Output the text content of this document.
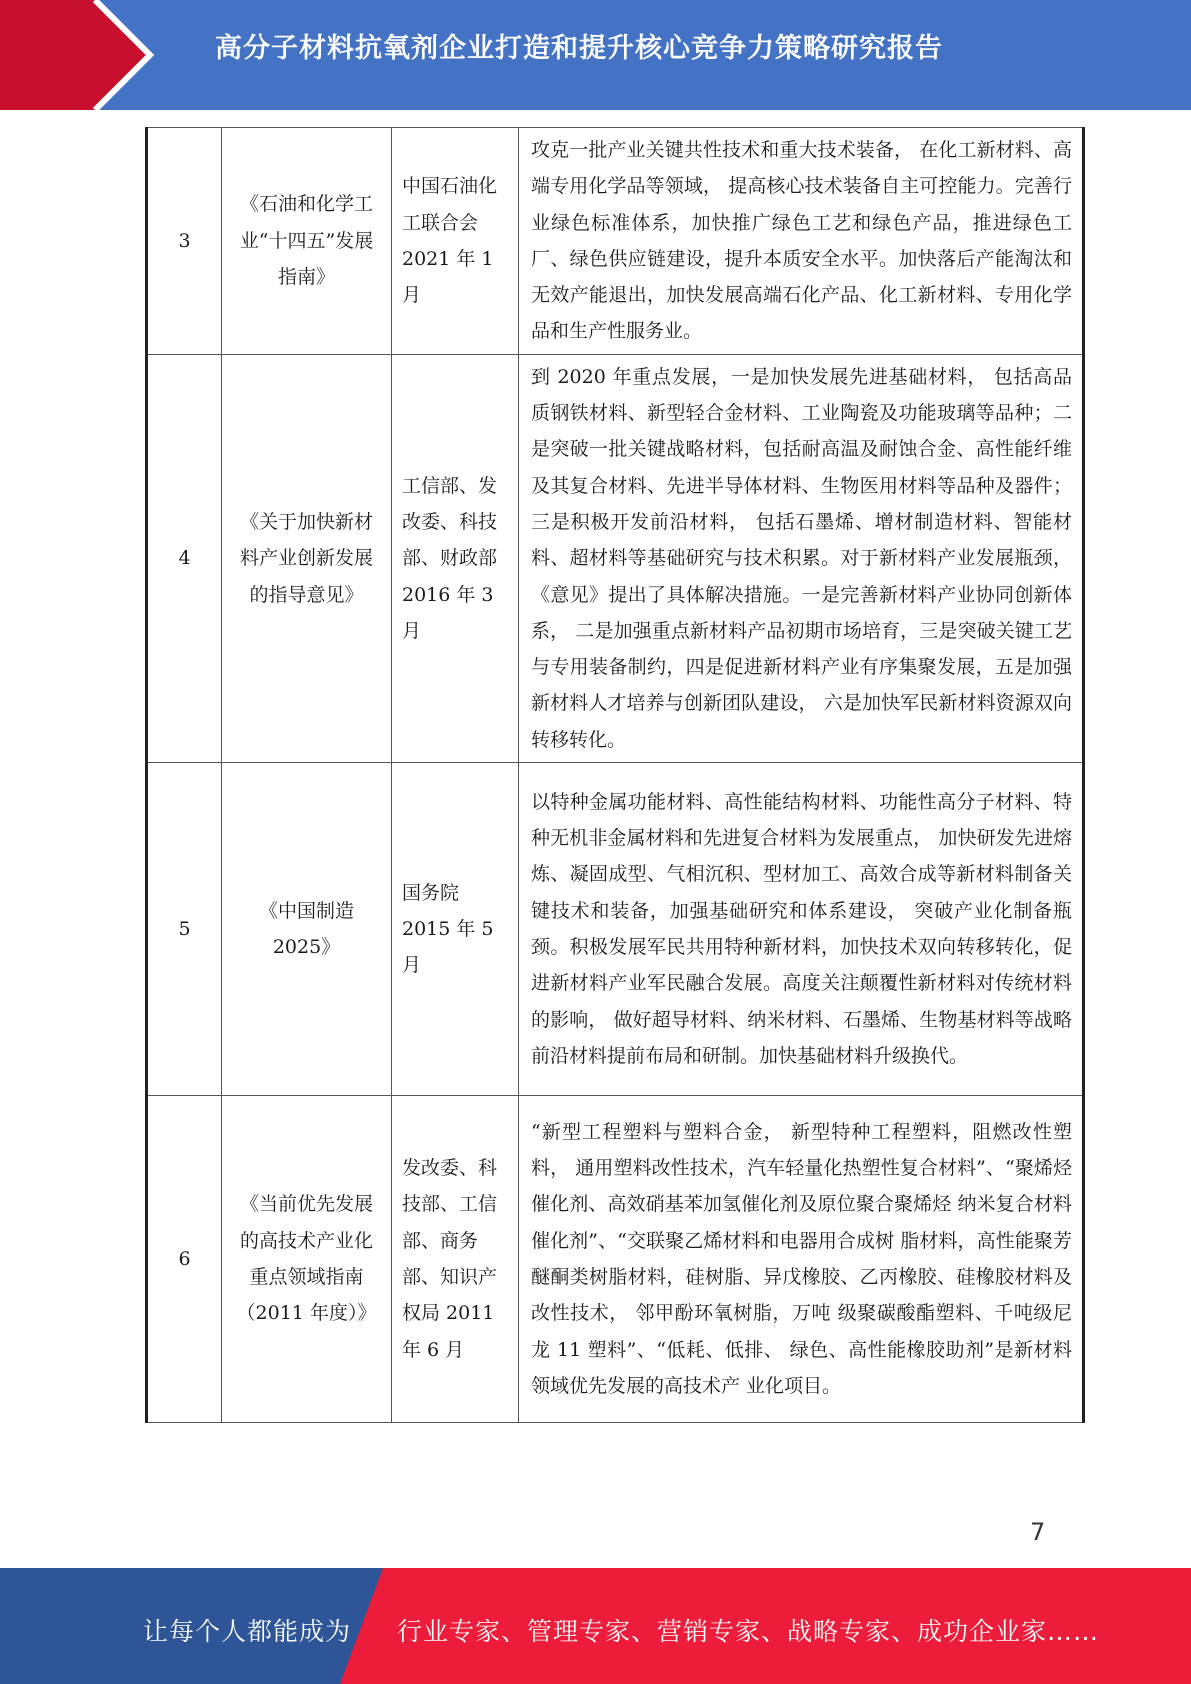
高分子材料抗氧剂企业打造和提升核心竞争力策略研究报告
3	《石油和化学工业“十四五”发展指南》	中国石油化工联合会 2021 年 1 月	攻克一批产业关键共性技术和重大技术装备， 在化工新材料、高端专用化学品等领域， 提高核心技术装备自主可控能力。完善行业绿色标准体系，加快推广绿色工艺和绿色产品，推进绿色工厂、绿色供应链建设，提升本质安全水平。加快落后产能淘汰和无效产能退出，加快发展高端石化产品、化工新材料、专用化学品和生产性服务业。
4	《关于加快新材料产业创新发展的指导意见》	工信部、发改委、科技部、财政部 2016 年 3 月	到 2020 年重点发展，一是加快发展先进基础材料， 包括高品质钢铁材料、新型轻合金材料、工业陶瓷及功能玻璃等品种；二是突破一批关键战略材料，包括耐高温及耐蚀合金、高性能纤维及其复合材料、先进半导体材料、生物医用材料等品种及器件； 三是积极开发前沿材料， 包括石墨烯、增材制造材料、智能材料、超材料等基础研究与技术积累。对于新材料产业发展瓶颈，《意见》提出了具体解决措施。一是完善新材料产业协同创新体系， 二是加强重点新材料产品初期市场培育，三是突破关键工艺与专用装备制约，四是促进新材料产业有序集聚发展，五是加强新材料人才培养与创新团队建设， 六是加快军民新材料资源双向转移转化。
5	《中国制造 2025》	国务院 2015 年 5 月	以特种金属功能材料、高性能结构材料、功能性高分子材料、特种无机非金属材料和先进复合材料为发展重点， 加快研发先进熔炼、凝固成型、气相沉积、型材加工、高效合成等新材料制备关键技术和装备，加强基础研究和体系建设， 突破产业化制备瓶颈。积极发展军民共用特种新材料，加快技术双向转移转化，促进新材料产业军民融合发展。高度关注颠覆性新材料对传统材料的影响， 做好超导材料、纳米材料、石墨烯、生物基材料等战略前沿材料提前布局和研制。加快基础材料升级换代。
6	《当前优先发展的高技术产业化重点领域指南（2011 年度）》	发改委、科技部、工信部、商务部、知识产权局 2011 年 6 月	“新型工程塑料与塑料合金， 新型特种工程塑料，阻燃改性塑料， 通用塑料改性技术，汽车轻量化热塑性复合材料”、“聚烯烃催化剂、高效硝基苯加氢催化剂及原位聚合聚烯烃 纳米复合材料催化剂”、“交联聚乙烯材料和电器用合成树 脂材料，高性能聚芳醚酮类树脂材料，硅树脂、异戊橡胶、乙丙橡胶、硅橡胶材料及改性技术， 邻甲酚环氧树脂，万吨 级聚碳酸酯塑料、千吨级尼龙 11 塑料”、“低耗、低排、 绿色、高性能橡胶助剂”是新材料领域优先发展的高技术产 业化项目。
7
让每个人都能成为 行业专家、管理专家、营销专家、战略专家、成功企业家……
